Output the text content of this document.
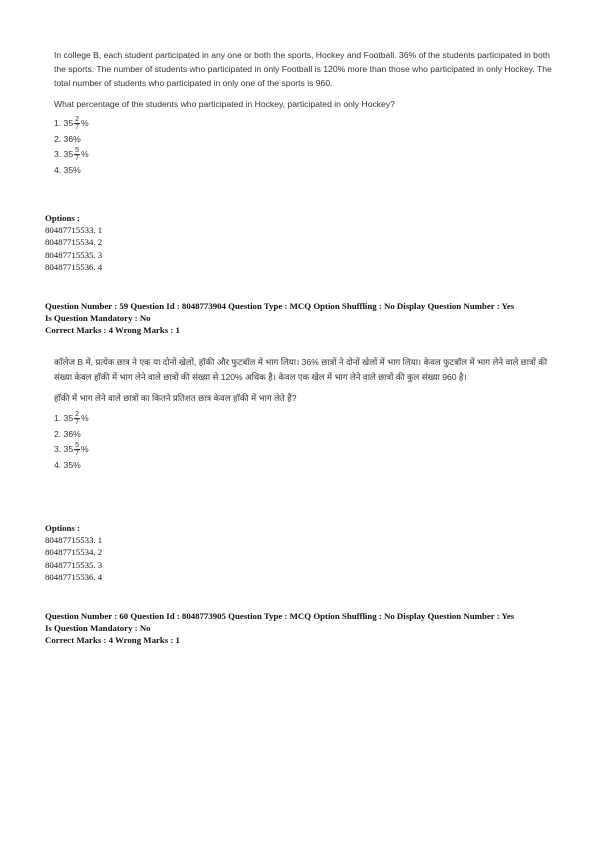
In college B, each student participated in any one or both the sports, Hockey and Football. 36% of the students participated in both the sports. The number of students who participated in only Football is 120% more than those who participated in only Hockey. The total number of students who participated in only one of the sports is 960.

What percentage of the students who participated in Hockey, participated in only Hockey?

1. $35 \frac{2}{7}$ %
2. 36%
3. $35 \frac{5}{7}$ %
4. 35%
Options :
80487715533. 1
80487715534. 2
80487715535. 3
80487715536. 4
Question Number : 59 Question Id : 8048773904 Question Type : MCQ Option Shuffling : No Display Question Number : Yes
Is Question Mandatory : No
Correct Marks : 4 Wrong Marks : 1

कॉलेज B में, प्रत्येक छात्र ने एक या दोनों खेलों, हॉकी और फुटबॉल में भाग लिया। 36% छात्रों ने दोनों खेलों में भाग लिया। केवल फुटबॉल में भाग लेने वाले छात्रों की संख्या केवल हॉकी में भाग लेने वाले छात्रों की संख्या से 120% अधिक है। केवल एक खेल में भाग लेने वाले छात्रों की कुल संख्या 960 है।

हॉकी में भाग लेने वाले छात्रों का कितने प्रतिशत छात्र केवल हॉकी में भाग लेते हैं?

1. $35 \frac{2}{7}$ %
2. 36%
3. $35 \frac{5}{7}$ %
4. 35%
Options :
80487715533. 1
80487715534. 2
80487715535. 3
80487715536. 4
Question Number : 60 Question Id : 8048773905 Question Type : MCQ Option Shuffling : No Display Question Number : Yes
Is Question Mandatory : No
Correct Marks : 4 Wrong Marks : 1
